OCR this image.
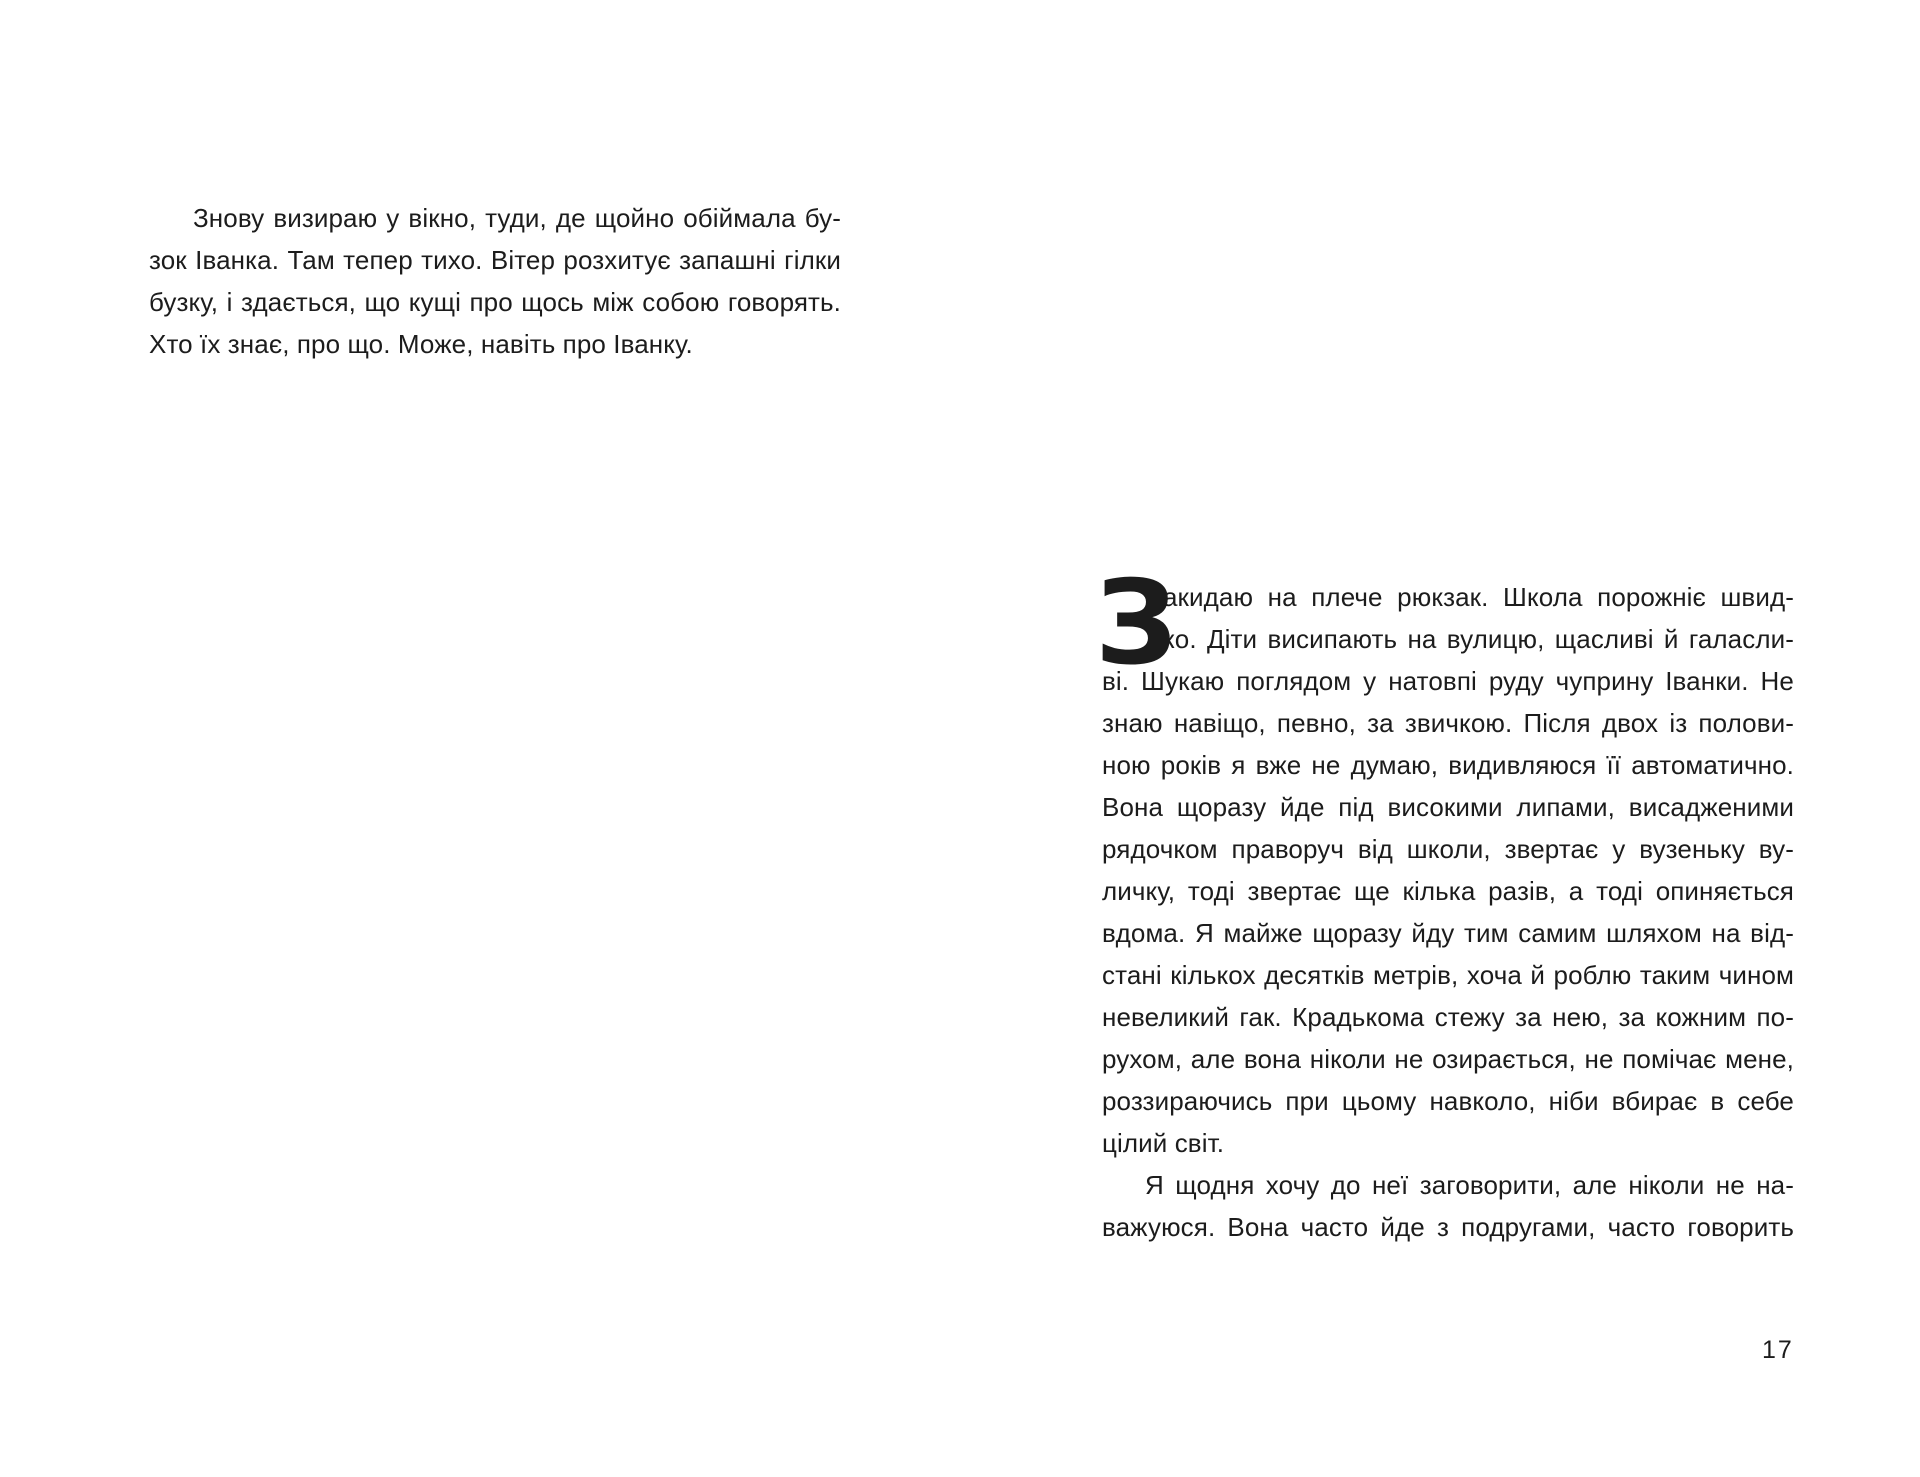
Знову визираю у вікно, туди, де щойно обіймала бу-
зок Іванка. Там тепер тихо. Вітер розхитує запашні гілки
бузку, і здається, що кущі про щось між собою говорять.
Хто їх знає, про що. Може, навіть про Іванку.
З
акидаю на плече рюкзак. Школа порожніє швид-
ко. Діти висипають на вулицю, щасливі й галасли-
ві. Шукаю поглядом у натовпі руду чуприну Іванки. Не
знаю навіщо, певно, за звичкою. Після двох із полови-
ною років я вже не думаю, видивляюся її автоматично.
Вона щоразу йде під високими липами, висадженими
рядочком праворуч від школи, звертає у вузеньку ву-
личку, тоді звертає ще кілька разів, а тоді опиняється
вдома. Я майже щоразу йду тим самим шляхом на від-
стані кількох десятків метрів, хоча й роблю таким чином
невеликий гак. Крадькома стежу за нею, за кожним по-
рухом, але вона ніколи не озирається, не помічає мене,
роззираючись при цьому навколо, ніби вбирає в себе
цілий світ.
Я щодня хочу до неї заговорити, але ніколи не на-
важуюся. Вона часто йде з подругами, часто говорить
17
